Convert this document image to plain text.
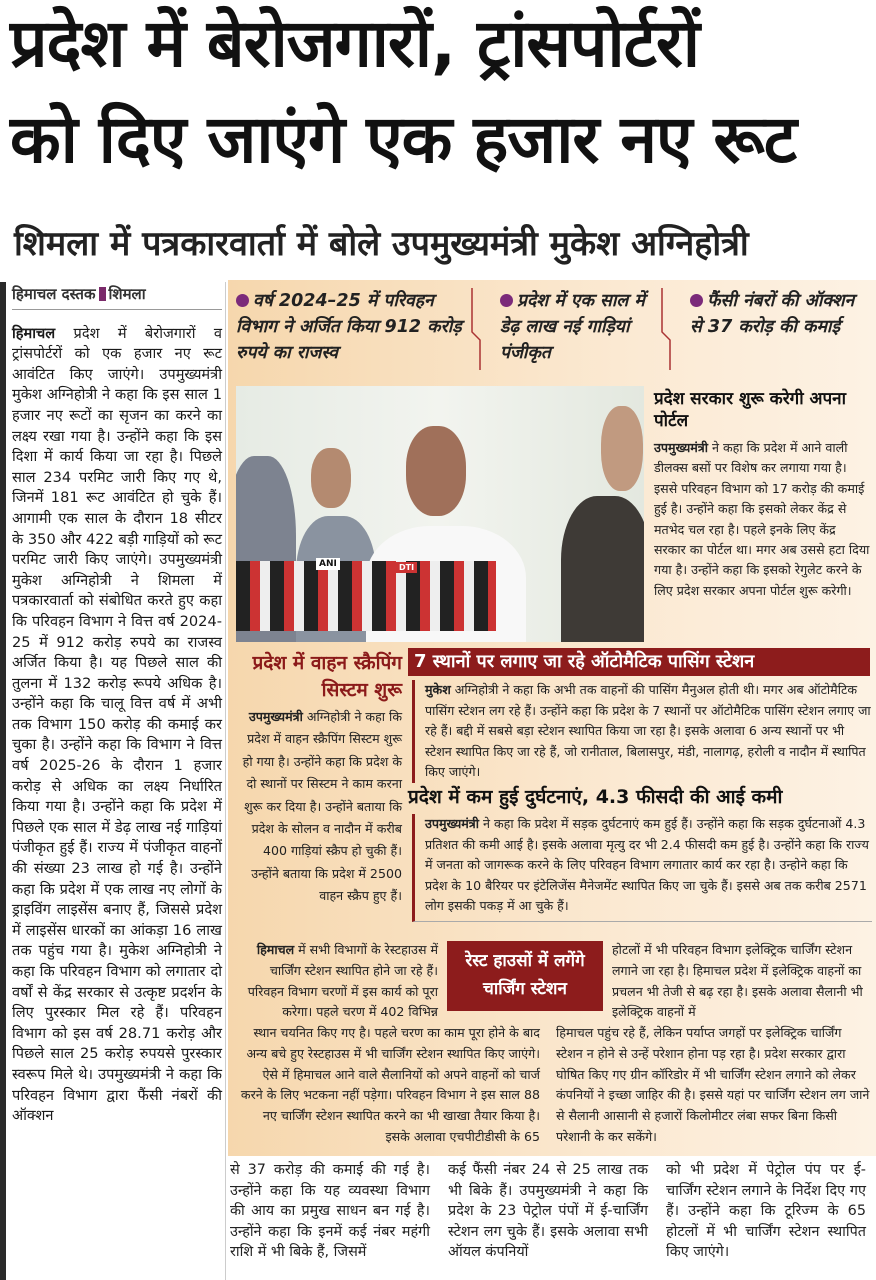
प्रदेश में बेरोजगारों, ट्रांसपोर्टरों
को दिए जाएंगे एक हजार नए रूट
शिमला में पत्रकारवार्ता में बोले उपमुख्यमंत्री मुकेश अग्निहोत्री
हिमाचल दस्तक शिमला

हिमाचल प्रदेश में बेरोजगारों व ट्रांसपोर्टरों को एक हजार नए रूट आवंटित किए जाएंगे। उपमुख्यमंत्री मुकेश अग्निहोत्री ने कहा कि इस साल 1 हजार नए रूटों का सृजन का करने का लक्ष्य रखा गया है। उन्होंने कहा कि इस दिशा में कार्य किया जा रहा है। पिछले साल 234 परमिट जारी किए गए थे, जिनमें 181 रूट आवंटित हो चुके हैं। आगामी एक साल के दौरान 18 सीटर के 350 और 422 बड़ी गाड़ियों को रूट परमिट जारी किए जाएंगे। उपमुख्यमंत्री मुकेश अग्निहोत्री ने शिमला में पत्रकारवार्ता को संबोधित करते हुए कहा कि परिवहन विभाग ने वित्त वर्ष 2024-25 में 912 करोड़ रुपये का राजस्व अर्जित किया है। यह पिछले साल की तुलना में 132 करोड़ रूपये अधिक है। उन्होंने कहा कि चालू वित्त वर्ष में अभी तक विभाग 150 करोड़ की कमाई कर चुका है। उन्होंने कहा कि विभाग ने वित्त वर्ष 2025-26 के दौरान 1 हजार करोड़ से अधिक का लक्ष्य निर्धारित किया गया है। उन्होंने कहा कि प्रदेश में पिछले एक साल में डेढ़ लाख नई गाड़ियां पंजीकृत हुई हैं। राज्य में पंजीकृत वाहनों की संख्या 23 लाख हो गई है। उन्होंने कहा कि प्रदेश में एक लाख नए लोगों के ड्राइविंग लाइसेंस बनाए हैं, जिससे प्रदेश में लाइसेंस धारकों का आंकड़ा 16 लाख तक पहुंच गया है। मुकेश अग्निहोत्री ने कहा कि परिवहन विभाग को लगातार दो वर्षों से केंद्र सरकार से उत्कृष्ट प्रदर्शन के लिए पुरस्कार मिल रहे हैं। परिवहन विभाग को इस वर्ष 28.71 करोड़ और पिछले साल 25 करोड़ रुपयसे पुरस्कार स्वरूप मिले थे। उपमुख्यमंत्री ने कहा कि परिवहन विभाग द्वारा फैंसी नंबरों की ऑक्शन

वर्ष 2024–25 में परिवहन विभाग ने अर्जित किया 912 करोड़ रुपये का राजस्व
प्रदेश में एक साल में डेढ़ लाख नई गाड़ियां पंजीकृत
फैंसी नंबरों की ऑक्शन से 37 करोड़ की कमाई
ANI	DTI
प्रदेश सरकार शुरू करेगी अपना पोर्टल

उपमुख्यमंत्री ने कहा कि प्रदेश में आने वाली डीलक्स बसों पर विशेष कर लगाया गया है। इससे परिवहन विभाग को 17 करोड़ की कमाई हुई है। उन्होंने कहा कि इसको लेकर केंद्र से मतभेद चल रहा है। पहले इनके लिए केंद्र सरकार का पोर्टल था। मगर अब उससे हटा दिया गया है। उन्होंने कहा कि इसको रेगुलेट करने के लिए प्रदेश सरकार अपना पोर्टल शुरू करेगी।

प्रदेश में वाहन स्क्रैपिंग सिस्टम शुरू

उपमुख्यमंत्री अग्निहोत्री ने कहा कि प्रदेश में वाहन स्क्रैपिंग सिस्टम शुरू हो गया है। उन्होंने कहा कि प्रदेश के दो स्थानों पर सिस्टम ने काम करना शुरू कर दिया है। उन्होंने बताया कि प्रदेश के सोलन व नादौन में करीब 400 गाड़ियां स्क्रैप हो चुकी हैं। उन्होंने बताया कि प्रदेश में 2500 वाहन स्क्रैप हुए हैं।

7 स्थानों पर लगाए जा रहे ऑटोमैटिक पासिंग स्टेशन
मुकेश अग्निहोत्री ने कहा कि अभी तक वाहनों की पासिंग मैनुअल होती थी। मगर अब ऑटोमैटिक पासिंग स्टेशन लग रहे हैं। उन्होंने कहा कि प्रदेश के 7 स्थानों पर ऑटोमैटिक पासिंग स्टेशन लगाए जा रहे हैं। बद्दी में सबसे बड़ा स्टेशन स्थापित किया जा रहा है। इसके अलावा 6 अन्य स्थानों पर भी स्टेशन स्थापित किए जा रहे हैं, जो रानीताल, बिलासपुर, मंडी, नालागढ़, हरोली व नादौन में स्थापित किए जाएंगे।
प्रदेश में कम हुई दुर्घटनाएं, 4.3 फीसदी की आई कमी
उपमुख्यमंत्री ने कहा कि प्रदेश में सड़क दुर्घटनाएं कम हुई हैं। उन्होंने कहा कि सड़क दुर्घटनाओं 4.3 प्रतिशत की कमी आई है। इसके अलावा मृत्यु दर भी 2.4 फीसदी कम हुई है। उन्होंने कहा कि राज्य में जनता को जागरूक करने के लिए परिवहन विभाग लगातार कार्य कर रहा है। उन्होने कहा कि प्रदेश के 10 बैरियर पर इंटेलिजेंस मैनेजमेंट स्थापित किए जा चुके हैं। इससे अब तक करीब 2571 लोग इसकी पकड़ में आ चुके हैं।
हिमाचल में सभी विभागों के रेस्टहाउस में चार्जिंग स्टेशन स्थापित होने जा रहे हैं। परिवहन विभाग चरणों में इस कार्य को पूरा करेगा। पहले चरण में 402 विभिन्न
रेस्ट हाउसों में लगेंगे चार्जिंग स्टेशन
होटलों में भी परिवहन विभाग इलेक्ट्रिक चार्जिंग स्टेशन लगाने जा रहा है। हिमाचल प्रदेश में इलेक्ट्रिक वाहनों का प्रचलन भी तेजी से बढ़ रहा है। इसके अलावा सैलानी भी इलेक्ट्रिक वाहनों में
स्थान चयनित किए गए है। पहले चरण का काम पूरा होने के बाद अन्य बचे हुए रेस्टहाउस में भी चार्जिंग स्टेशन स्थापित किए जाएंगे। ऐसे में हिमाचल आने वाले सैलानियों को अपने वाहनों को चार्ज करने के लिए भटकना नहीं पड़ेगा। परिवहन विभाग ने इस साल 88 नए चार्जिंग स्टेशन स्थापित करने का भी खाखा तैयार किया है। इसके अलावा एचपीटीडीसी के 65
हिमाचल पहुंच रहे हैं, लेकिन पर्याप्त जगहों पर इलेक्ट्रिक चार्जिंग स्टेशन न होने से उन्हें परेशान होना पड़ रहा है। प्रदेश सरकार द्वारा घोषित किए गए ग्रीन कॉरिडोर में भी चार्जिंग स्टेशन लगाने को लेकर कंपनियों ने इच्छा जाहिर की है। इससे यहां पर चार्जिंग स्टेशन लग जाने से सैलानी आसानी से हजारों किलोमीटर लंबा सफर बिना किसी परेशानी के कर सकेंगे।
से 37 करोड़ की कमाई की गई है। उन्होंने कहा कि यह व्यवस्था विभाग की आय का प्रमुख साधन बन गई है। उन्होंने कहा कि इनमें कई नंबर महंगी राशि में भी बिके हैं, जिसमें
कई फैंसी नंबर 24 से 25 लाख तक भी बिके हैं। उपमुख्यमंत्री ने कहा कि प्रदेश के 23 पेट्रोल पंपों में ई-चार्जिंग स्टेशन लग चुके हैं। इसके अलावा सभी ऑयल कंपनियों
को भी प्रदेश में पेट्रोल पंप पर ई-चार्जिंग स्टेशन लगाने के निर्देश दिए गए हैं। उन्होंने कहा कि टूरिज्म के 65 होटलों में भी चार्जिंग स्टेशन स्थापित किए जाएंगे।
